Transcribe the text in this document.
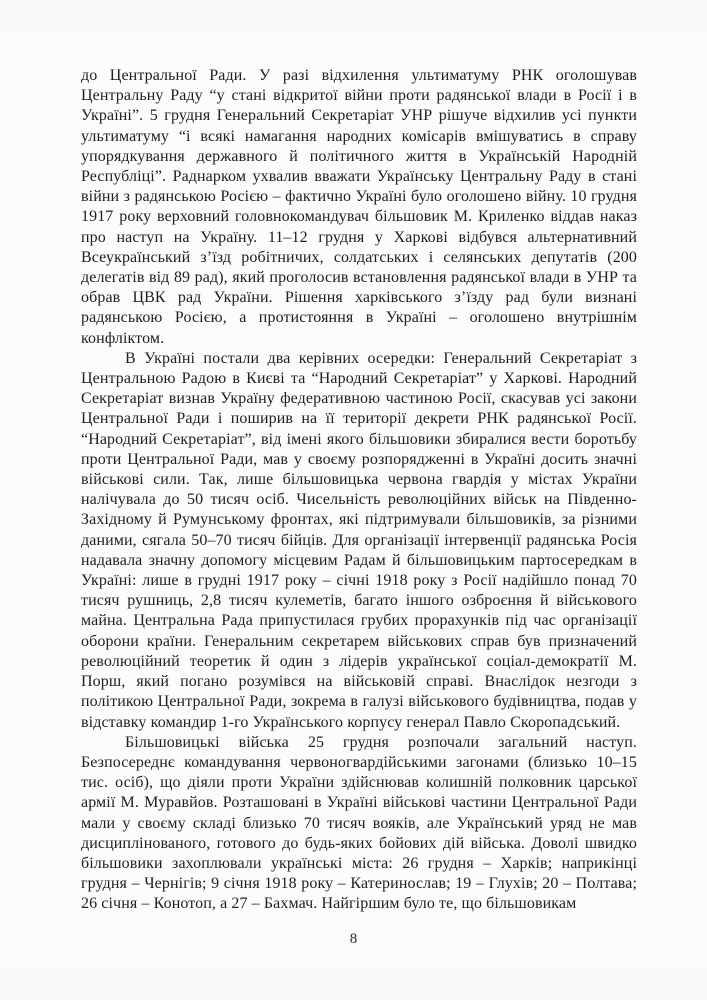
до Центральної Ради. У разі відхилення ультиматуму РНК оголошував Центральну Раду “у стані відкритої війни проти радянської влади в Росії і в Україні”. 5 грудня Генеральний Секретаріат УНР рішуче відхилив усі пункти ультиматуму “і всякі намагання народних комісарів вмішуватись в справу упорядкування державного й політичного життя в Українській Народній Республіці”. Раднарком ухвалив вважати Українську Центральну Раду в стані війни з радянською Росією – фактично Україні було оголошено війну. 10 грудня 1917 року верховний головнокомандувач більшовик М. Криленко віддав наказ про наступ на Україну. 11–12 грудня у Харкові відбувся альтернативний Всеукраїнський з’їзд робітничих, солдатських і селянських депутатів (200 делегатів від 89 рад), який проголосив встановлення радянської влади в УНР та обрав ЦВК рад України. Рішення харківського з’їзду рад були визнані радянською Росією, а протистояння в Україні – оголошено внутрішнім конфліктом.

В Україні постали два керівних осередки: Генеральний Секретаріат з Центральною Радою в Києві та “Народний Секретаріат” у Харкові. Народний Секретаріат визнав Україну федеративною частиною Росії, скасував усі закони Центральної Ради і поширив на її території декрети РНК радянської Росії. “Народний Секретаріат”, від імені якого більшовики збиралися вести боротьбу проти Центральної Ради, мав у своєму розпорядженні в Україні досить значні військові сили. Так, лише більшовицька червона гвардія у містах України налічувала до 50 тисяч осіб. Чисельність революційних військ на Південно-Західному й Румунському фронтах, які підтримували більшовиків, за різними даними, сягала 50–70 тисяч бійців. Для організації інтервенції радянська Росія надавала значну допомогу місцевим Радам й більшовицьким партосередкам в Україні: лише в грудні 1917 року – січні 1918 року з Росії надійшло понад 70 тисяч рушниць, 2,8 тисяч кулеметів, багато іншого озброєння й військового майна. Центральна Рада припустилася грубих прорахунків під час організації оборони країни. Генеральним секретарем військових справ був призначений революційний теоретик й один з лідерів української соціал-демократії М. Порш, який погано розумівся на військовій справі. Внаслідок незгоди з політикою Центральної Ради, зокрема в галузі військового будівництва, подав у відставку командир 1-го Українського корпусу генерал Павло Скоропадський.

Більшовицькі війська 25 грудня розпочали загальний наступ. Безпосереднє командування червоногвардійськими загонами (близько 10–15 тис. осіб), що діяли проти України здійснював колишній полковник царської армії М. Муравйов. Розташовані в Україні військові частини Центральної Ради мали у своєму складі близько 70 тисяч вояків, але Український уряд не мав дисциплінованого, готового до будь-яких бойових дій війська. Доволі швидко більшовики захоплювали українські міста: 26 грудня – Харків; наприкінці грудня – Чернігів; 9 січня 1918 року – Катеринослав; 19 – Глухів; 20 – Полтава; 26 січня – Конотоп, а 27 – Бахмач. Найгіршим було те, що більшовикам

8
